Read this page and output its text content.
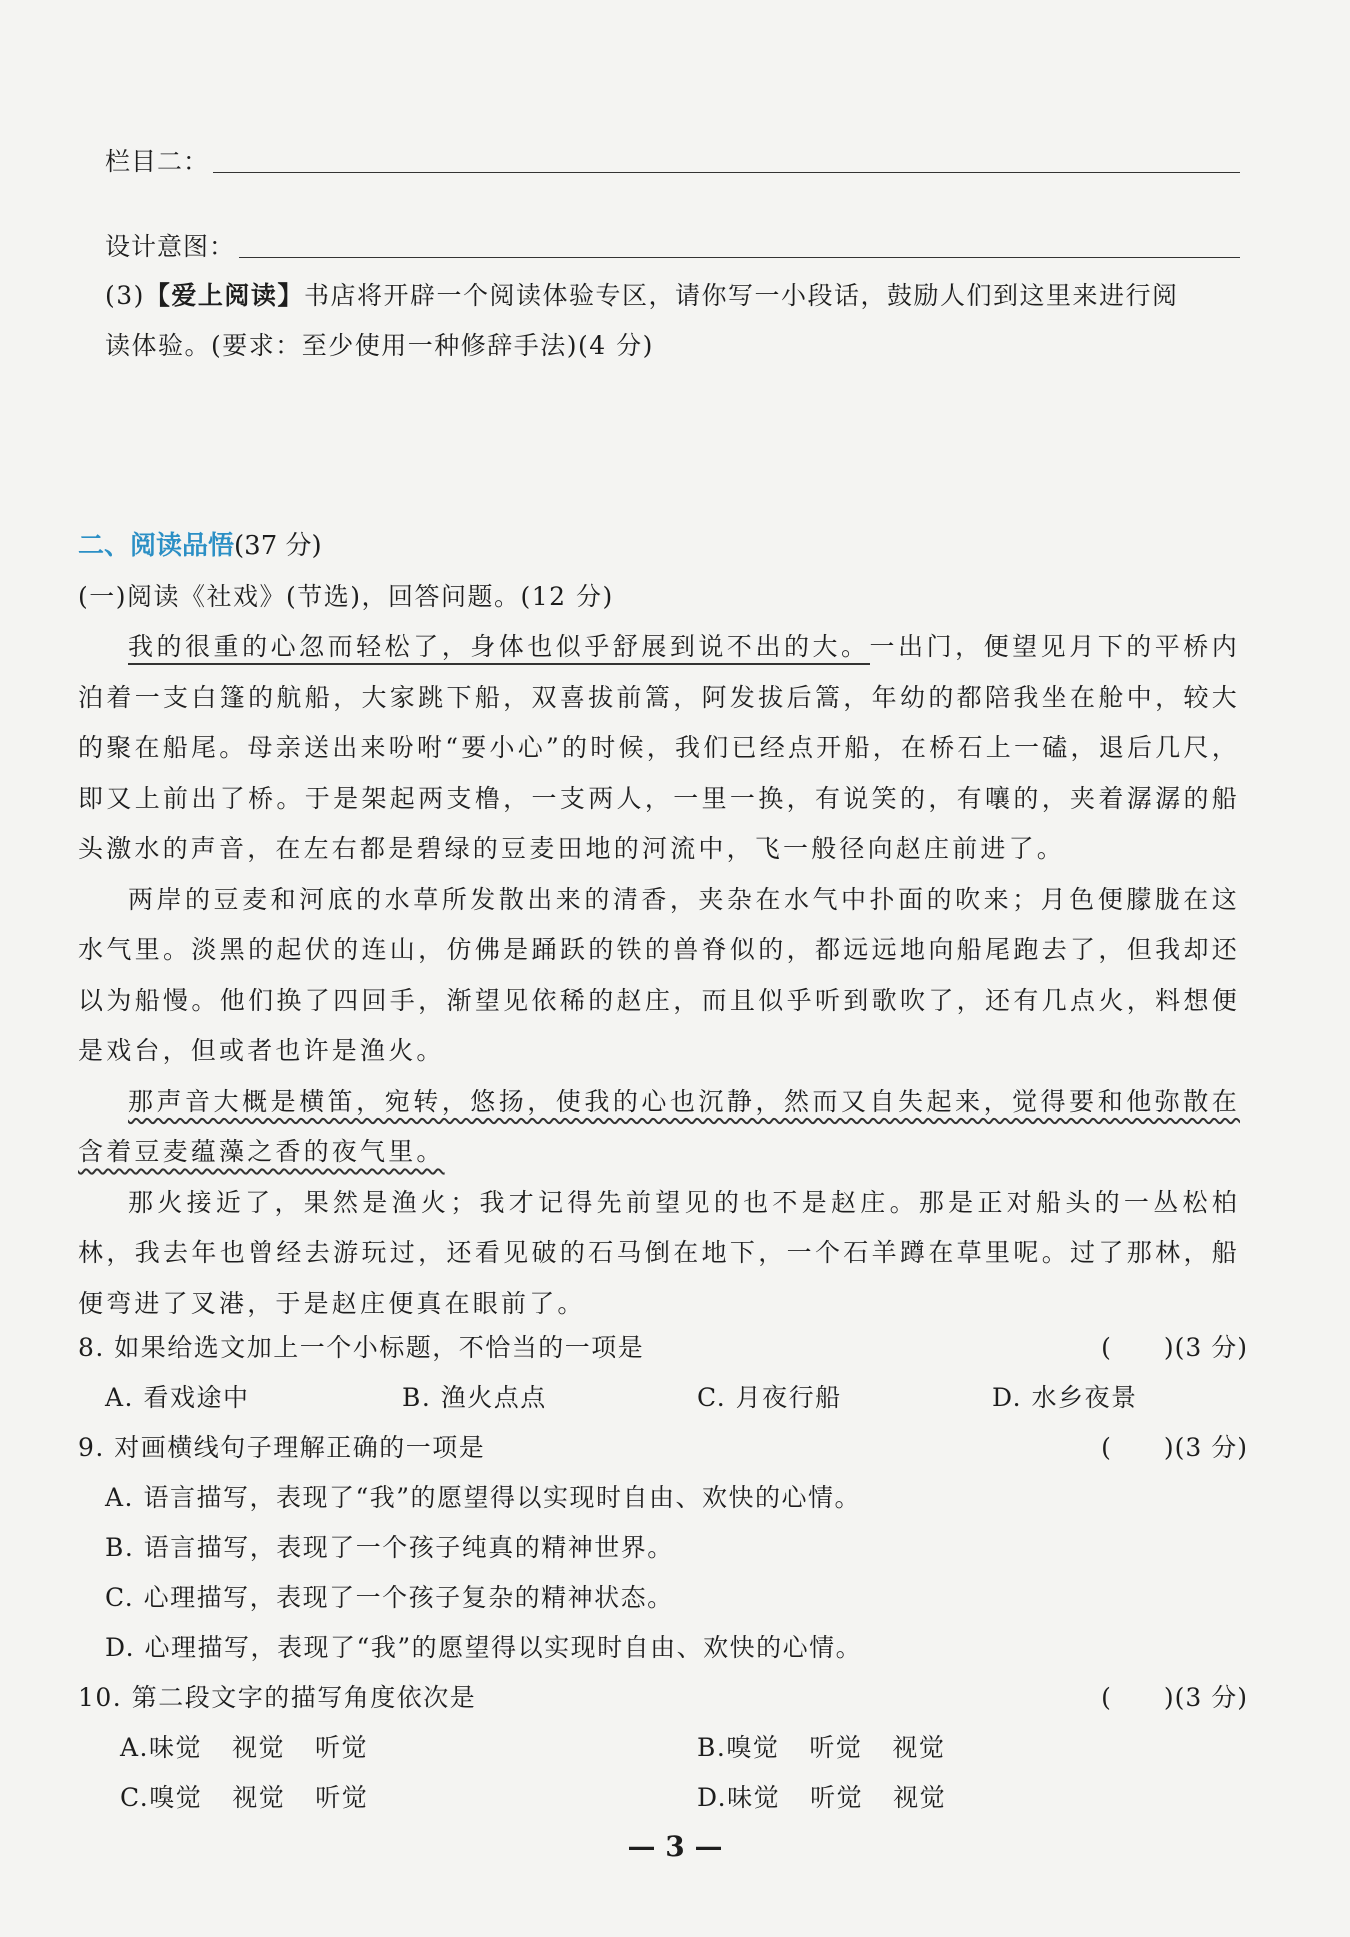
栏目二：
设计意图：
(3)【爱上阅读】书店将开辟一个阅读体验专区，请你写一小段话，鼓励人们到这里来进行阅
读体验。(要求：至少使用一种修辞手法)(4 分)
二、阅读品悟(37 分)
(一)阅读《社戏》(节选)，回答问题。(12 分)

我的很重的心忽而轻松了，身体也似乎舒展到说不出的大。一出门，便望见月下的平桥内泊着一支白篷的航船，大家跳下船，双喜拔前篙，阿发拔后篙，年幼的都陪我坐在舱中，较大的聚在船尾。母亲送出来吩咐“要小心”的时候，我们已经点开船，在桥石上一磕，退后几尺，即又上前出了桥。于是架起两支橹，一支两人，一里一换，有说笑的，有嚷的，夹着潺潺的船头激水的声音，在左右都是碧绿的豆麦田地的河流中，飞一般径向赵庄前进了。

两岸的豆麦和河底的水草所发散出来的清香，夹杂在水气中扑面的吹来；月色便朦胧在这水气里。淡黑的起伏的连山，仿佛是踊跃的铁的兽脊似的，都远远地向船尾跑去了，但我却还以为船慢。他们换了四回手，渐望见依稀的赵庄，而且似乎听到歌吹了，还有几点火，料想便是戏台，但或者也许是渔火。

那声音大概是横笛，宛转，悠扬，使我的心也沉静，然而又自失起来，觉得要和他弥散在含着豆麦蕴藻之香的夜气里。

那火接近了，果然是渔火；我才记得先前望见的也不是赵庄。那是正对船头的一丛松柏林，我去年也曾经去游玩过，还看见破的石马倒在地下，一个石羊蹲在草里呢。过了那林，船便弯进了叉港，于是赵庄便真在眼前了。

8. 如果给选文加上一个小标题，不恰当的一项是	(　　)(3 分)
A. 看戏途中	B. 渔火点点	C. 月夜行船	D. 水乡夜景
9. 对画横线句子理解正确的一项是	(　　)(3 分)
A. 语言描写，表现了“我”的愿望得以实现时自由、欢快的心情。
B. 语言描写，表现了一个孩子纯真的精神世界。
C. 心理描写，表现了一个孩子复杂的精神状态。
D. 心理描写，表现了“我”的愿望得以实现时自由、欢快的心情。
10. 第二段文字的描写角度依次是	(　　)(3 分)
A.味觉 视觉 听觉	B.嗅觉 听觉 视觉
C.嗅觉 视觉 听觉	D.味觉 听觉 视觉
— 3 —
